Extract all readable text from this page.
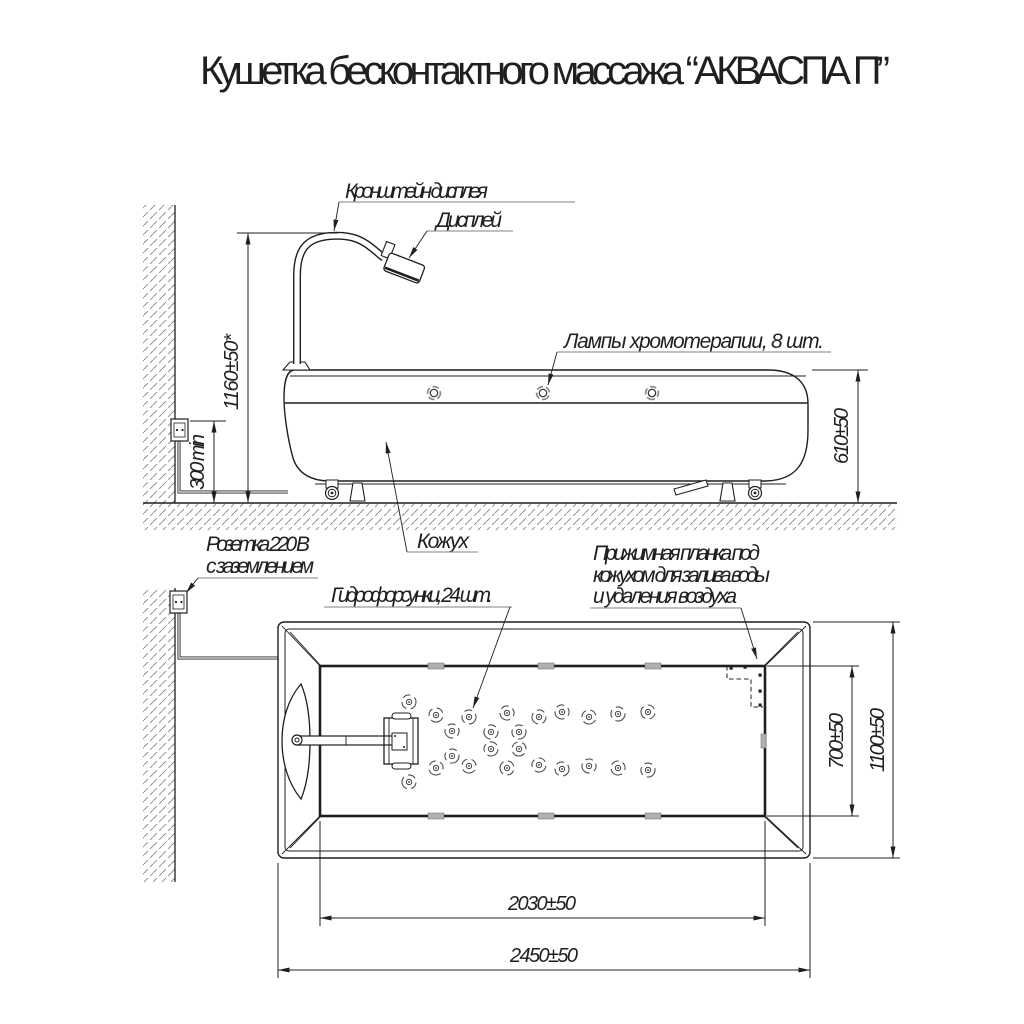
Кушетка бесконтактного массажа “АКВАСПА П”
Кронштейн дисплея
Дисплей
Лампы хромотерапии, 8 шт.
Кожух
Розетка 220 В
с заземлением
1160±50*
300 min
610±50
Гидрофорсунки, 24 шт.
Прижимная планка под
кожухом для залива воды
и удаления воздуха
700±50
1100±50
2030±50
2450±50
